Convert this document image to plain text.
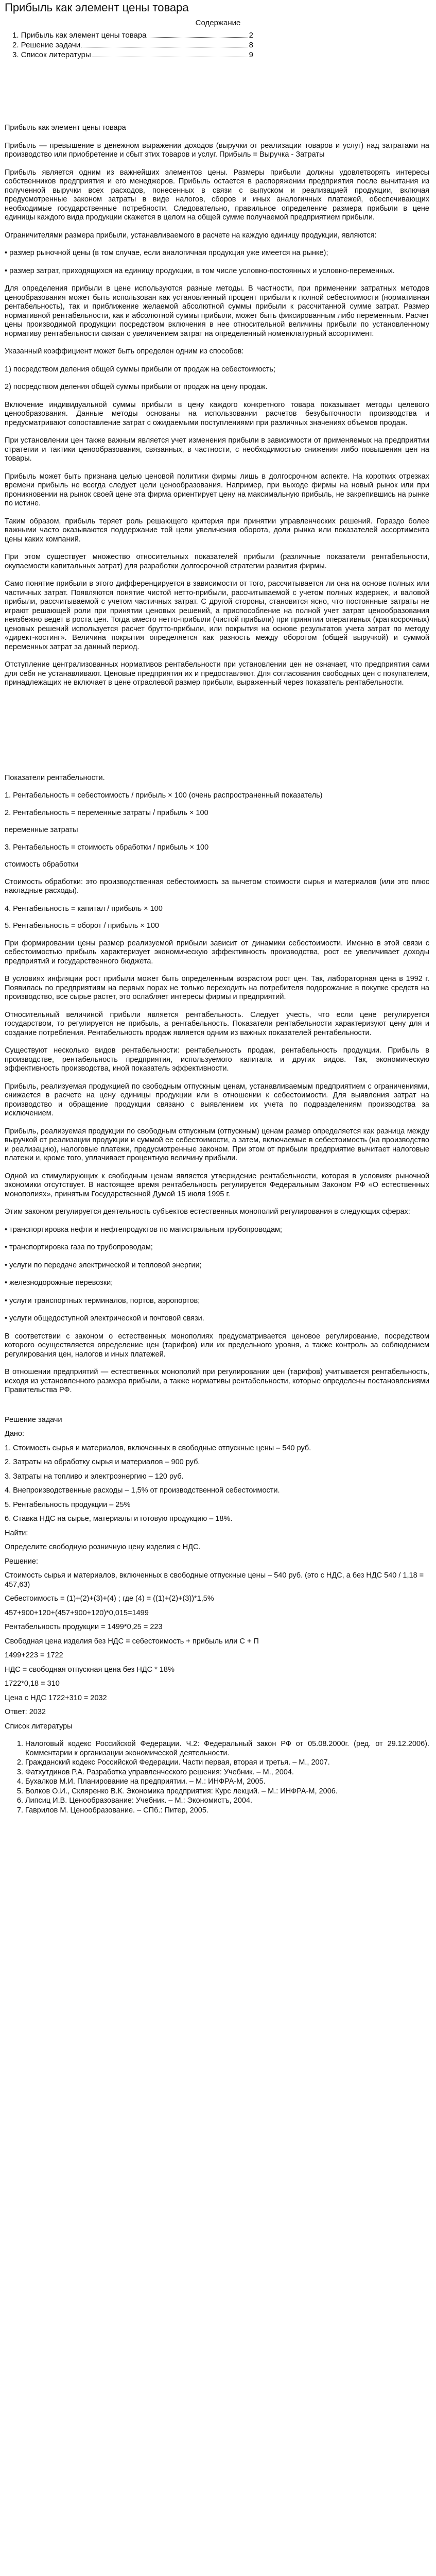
Прибыль как элемент цены товара

Содержание

1. Прибыль как элемент цены товара	2
2. Решение задачи	8
3. Список литературы	9

Прибыль как элемент цены товара

Прибыль — превышение в денежном выражении доходов (выручки от реализации товаров и услуг) над затратами на производство или приобретение и сбыт этих товаров и услуг. Прибыль = Выручка - Затраты

Прибыль является одним из важнейших элементов цены. Размеры прибыли должны удовлетворять интересы собственников предприятия и его менеджеров. Прибыль остается в распоряжении предприятия после вычитания из полученной выручки всех расходов, понесенных в связи с выпуском и реализацией продукции, включая предусмотренные законом затраты в виде налогов, сборов и иных аналогичных платежей, обеспечивающих необходимые государственные потребности. Следовательно, правильное определение размера прибыли в цене единицы каждого вида продукции скажется в целом на общей сумме получаемой предприятием прибыли.

Ограничителями размера прибыли, устанавливаемого в расчете на каждую единицу продукции, являются:

• размер рыночной цены (в том случае, если аналогичная продукция уже имеется на рынке);

• размер затрат, приходящихся на единицу продукции, в том числе условно-постоянных и условно-переменных.

Для определения прибыли в цене используются разные методы. В частности, при применении затратных методов ценообразования может быть использован как установленный процент прибыли к полной себестоимости (нормативная рентабельность), так и приближение желаемой абсолютной суммы прибыли к рассчитанной сумме затрат. Размер нормативной рентабельности, как и абсолютной суммы прибыли, может быть фиксированным либо переменным. Расчет цены производимой продукции посредством включения в нее относительной величины прибыли по установленному нормативу рентабельности связан с увеличением затрат на определенный номенклатурный ассортимент.

Указанный коэффициент может быть определен одним из способов:

1) посредством деления общей суммы прибыли от продаж на себестоимость;

2) посредством деления общей суммы прибыли от продаж на цену продаж.

Включение индивидуальной суммы прибыли в цену каждого конкретного товара показывает методы целевого ценообразования. Данные методы основаны на использовании расчетов безубыточности производства и предусматривают сопоставление затрат с ожидаемыми поступлениями при различных значениях объемов продаж.

При установлении цен также важным является учет изменения прибыли в зависимости от применяемых на предприятии стратегии и тактики ценообразования, связанных, в частности, с необходимостью снижения либо повышения цен на товары.

Прибыль может быть признана целью ценовой политики фирмы лишь в долгосрочном аспекте. На коротких отрезках времени прибыль не всегда следует цели ценообразования. Например, при выходе фирмы на новый рынок или при проникновении на рынок своей цене эта фирма ориентирует цену на максимальную прибыль, не закрепившись на рынке по истине.

Таким образом, прибыль теряет роль решающего критерия при принятии управленческих решений. Гораздо более важными часто оказываются поддержание той цели увеличения оборота, доли рынка или показателей ассортимента цены каких компаний.

При этом существует множество относительных показателей прибыли (различные показатели рентабельности, окупаемости капитальных затрат) для разработки долгосрочной стратегии развития фирмы.

Само понятие прибыли в этого дифференцируется в зависимости от того, рассчитывается ли она на основе полных или частичных затрат. Появляются понятие чистой нетто-прибыли, рассчитываемой с учетом полных издержек, и валовой прибыли, рассчитываемой с учетом частичных затрат. С другой стороны, становится ясно, что постоянные затраты не играют решающей роли при принятии ценовых решений, а приспособление на полной учет затрат ценообразования неизбежно ведет в роста цен. Тогда вместо нетто-прибыли (чистой прибыли) при принятии оперативных (краткосрочных) ценовых решений используется расчет брутто-прибыли, или покрытия на основе результатов учета затрат по методу «директ-костинг». Величина покрытия определяется как разность между оборотом (общей выручкой) и суммой переменных затрат за данный период.

Отступление централизованных нормативов рентабельности при установлении цен не означает, что предприятия сами для себя не устанавливают. Ценовые предприятия их и предоставляют. Для согласования свободных цен с покупателем, принадлежащих не включает в цене отраслевой размер прибыли, выраженный через показатель рентабельности.

Показатели рентабельности.

1. Рентабельность = себестоимость / прибыль × 100 (очень распространенный показатель)
2. Рентабельность = переменные затраты / прибыль × 100
переменные затраты
3. Рентабельность = стоимость обработки / прибыль × 100
стоимость обработки

Стоимость обработки: это производственная себестоимость за вычетом стоимости сырья и материалов (или это плюс накладные расходы).

4. Рентабельность = капитал / прибыль × 100
5. Рентабельность = оборот / прибыль × 100

При формировании цены размер реализуемой прибыли зависит от динамики себестоимости. Именно в этой связи с себестоимостью прибыль характеризует экономическую эффективность производства, рост ее увеличивает доходы предприятий и государственного бюджета.

В условиях инфляции рост прибыли может быть определенным возрастом рост цен. Так, лабораторная цена в 1992 г. Появилась по предприятиям на первых порах не только переходить на потребителя подорожание в покупке средств на производство, все сырье растет, это ослабляет интересы фирмы и предприятий.

Относительный величиной прибыли является рентабельность. Следует учесть, что если цене регулируется государством, то регулируется не прибыль, а рентабельность. Показатели рентабельности характеризуют цену для и создание потребления. Рентабельность продаж является одним из важных показателей рентабельности.

Существуют несколько видов рентабельности: рентабельность продаж, рентабельность продукции. Прибыль в производстве, рентабельность предприятия, используемого капитала и других видов. Так, экономическую эффективность производства, иной показатель эффективности.

Прибыль, реализуемая продукцией по свободным отпускным ценам, устанавливаемым предприятием с ограничениями, снижается в расчете на цену единицы продукции или в отношении к себестоимости. Для выявления затрат на производство и обращение продукции связано с выявлением их учета по подразделениям производства за исключением.

Прибыль, реализуемая продукции по свободным отпускным (отпускным) ценам размер определяется как разница между выручкой от реализации продукции и суммой ее себестоимости, а затем, включаемые в себестоимость (на производство и реализацию), налоговые платежи, предусмотренные законом. При этом от прибыли предприятие вычитает налоговые платежи и, кроме того, уплачивает процентную величину прибыли.

Одной из стимулирующих к свободным ценам является утверждение рентабельности, которая в условиях рыночной экономики отсутствует. В настоящее время рентабельность регулируется Федеральным Законом РФ «О естественных монополиях», принятым Государственной Думой 15 июля 1995 г.

Этим законом регулируется деятельность субъектов естественных монополий регулирования в следующих сферах:

• транспортировка нефти и нефтепродуктов по магистральным трубопроводам;

• транспортировка газа по трубопроводам;

• услуги по передаче электрической и тепловой энергии;

• железнодорожные перевозки;

• услуги транспортных терминалов, портов, аэропортов;

• услуги общедоступной электрической и почтовой связи.

В соответствии с законом о естественных монополиях предусматривается ценовое регулирование, посредством которого осуществляется определение цен (тарифов) или их предельного уровня, а также контроль за соблюдением регулирования цен, налогов и иных платежей.

В отношении предприятий — естественных монополий при регулировании цен (тарифов) учитывается рентабельность, исходя из установленного размера прибыли, а также нормативы рентабельности, которые определены постановлениями Правительства РФ.

Решение задачи

Дано:

1. Стоимость сырья и материалов, включенных в свободные отпускные цены – 540 руб.

2. Затраты на обработку сырья и материалов – 900 руб.

3. Затраты на топливо и электроэнергию – 120 руб.

4. Внепроизводственные расходы – 1,5% от производственной себестоимости.

5. Рентабельность продукции – 25%

6. Ставка НДС на сырье, материалы и готовую продукцию – 18%.

Найти:

Определите свободную розничную цену изделия с НДС.

Решение:

Стоимость сырья и материалов, включенных в свободные отпускные цены – 540 руб. (это с НДС, а без НДС 540 / 1,18 = 457,63)

Себестоимость = (1)+(2)+(3)+(4) ; где (4) = ((1)+(2)+(3))*1,5%

457+900+120+(457+900+120)*0,015=1499

Рентабельность продукции = 1499*0,25 = 223

Свободная цена изделия без НДС = себестоимость + прибыль или С + П

1499+223 = 1722

НДС = свободная отпускная цена без НДС * 18%

1722*0,18 = 310

Цена с НДС 1722+310 = 2032

Ответ: 2032

Список литературы

1. Налоговый кодекс Российской Федерации. Ч.2: Федеральный закон РФ от 05.08.2000г. (ред. от 29.12.2006). Комментарии к организации экономической деятельности.
2. Гражданский кодекс Российской Федерации. Части первая, вторая и третья. – М., 2007.
3. Фатхутдинов Р.А. Разработка управленческого решения: Учебник. – М., 2004.
4. Бухалков М.И. Планирование на предприятии. – М.: ИНФРА-М, 2005.
5. Волков О.И., Скляренко В.К. Экономика предприятия: Курс лекций. – М.: ИНФРА-М, 2006.
6. Липсиц И.В. Ценообразование: Учебник. – М.: Экономистъ, 2004.
7. Гаврилов М. Ценообразование. – СПб.: Питер, 2005.
